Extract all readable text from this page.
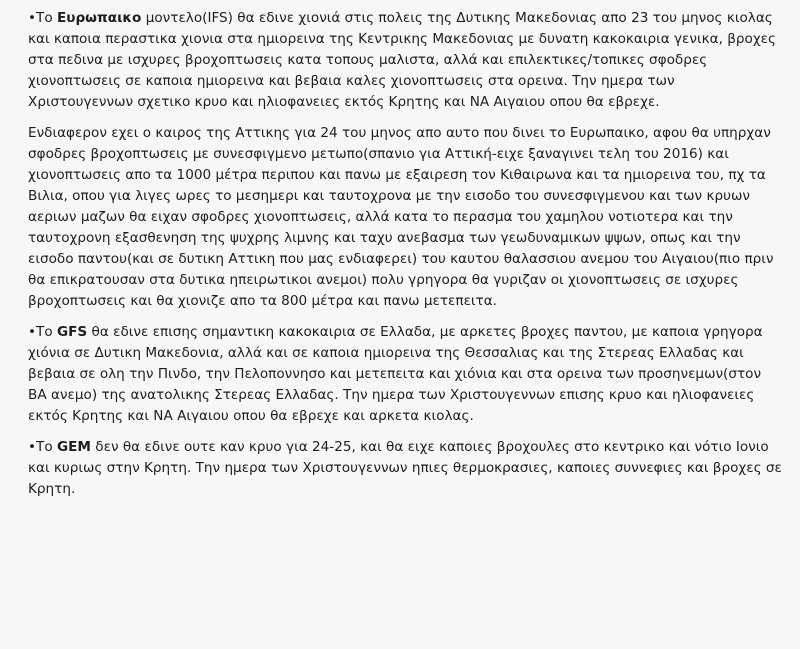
•Το Ευρωπαικο μοντελο(IFS) θα εδινε χιονιά στις πολεις της Δυτικης Μακεδονιας απο 23 του μηνος κιολας και καποια περαστικα χιονια στα ημιορεινα της Κεντρικης Μακεδονιας με δυνατη κακοκαιρια γενικα, βροχες στα πεδινα με ισχυρες βροχοπτωσεις κατα τοπους μαλιστα, αλλά και επιλεκτικες/τοπικες σφοδρες χιονοπτωσεις σε καποια ημιορεινα και βεβαια καλες χιονοπτωσεις στα ορεινα. Την ημερα των Χριστουγεννων σχετικο κρυο και ηλιοφανειες εκτός Κρητης και ΝΑ Αιγαιου οπου θα εβρεχε.

Ενδιαφερον εχει ο καιρος της Αττικης για 24 του μηνος απο αυτο που δινει το Ευρωπαικο, αφου θα υπηρχαν σφοδρες βροχοπτωσεις με συνεσφιγμενο μετωπο(σπανιο για Αττική-ειχε ξαναγινει τελη του 2016) και χιονοπτωσεις απο τα 1000 μέτρα περιπου και πανω με εξαιρεση τον Κιθαιρωνα και τα ημιορεινα του, πχ τα Βιλια, οπου για λιγες ωρες το μεσημερι και ταυτοχρονα με την εισοδο του συνεσφιγμενου και των κρυων αεριων μαζων θα ειχαν σφοδρες χιονοπτωσεις, αλλά κατα το περασμα του χαμηλου νοτιοτερα και την ταυτοχρονη εξασθενηση της ψυχρης λιμνης και ταχυ ανεβασμα των γεωδυναμικων ψψων, οπως και την εισοδο παντου(και σε δυτικη Αττικη που μας ενδιαφερει) του καυτου θαλασσιου ανεμου του Αιγαιου(πιο πριν θα επικρατουσαν στα δυτικα ηπειρωτικοι ανεμοι) πολυ γρηγορα θα γυριζαν οι χιονοπτωσεις σε ισχυρες βροχοπτωσεις και θα χιονιζε απο τα 800 μέτρα και πανω μετεπειτα.

•Το GFS θα εδινε επισης σημαντικη κακοκαιρια σε Ελλαδα, με αρκετες βροχες παντου, με καποια γρηγορα χιόνια σε Δυτικη Μακεδονια, αλλά και σε καποια ημιορεινα της Θεσσαλιας και της Στερεας Ελλαδας και βεβαια σε ολη την Πινδο, την Πελοποννησο και μετεπειτα και χιόνια και στα ορεινα των προσηνεμων(στον ΒΑ ανεμο) της ανατολικης Στερεας Ελλαδας. Την ημερα των Χριστουγεννων επισης κρυο και ηλιοφανειες εκτός Κρητης και ΝΑ Αιγαιου οπου θα εβρεχε και αρκετα κιολας.

•Το GEM δεν θα εδινε ουτε καν κρυο για 24-25, και θα ειχε καποιες βροχουλες στο κεντρικο και νότιο Ιονιο και κυριως στην Κρητη. Την ημερα των Χριστουγεννων ηπιες θερμοκρασιες, καποιες συννεφιες και βροχες σε Κρητη.
